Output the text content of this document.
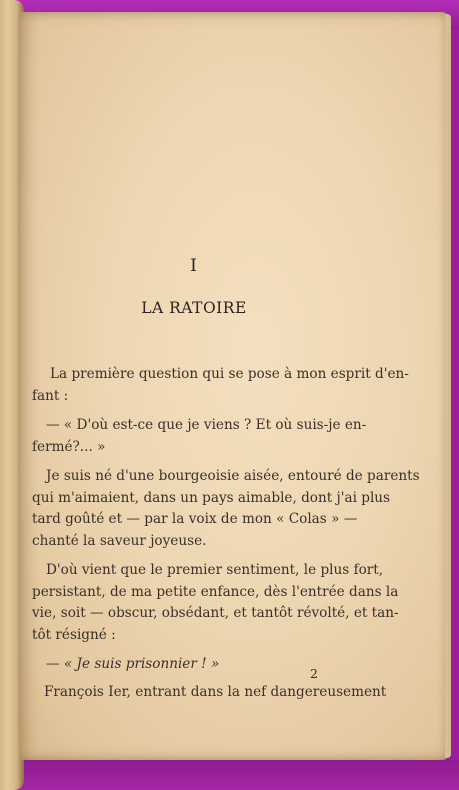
I
LA RATOIRE
La première question qui se pose à mon esprit d'en-
fant :
— « D'où est-ce que je viens ? Et où suis-je en-
fermé?... »
Je suis né d'une bourgeoisie aisée, entouré de parents
qui m'aimaient, dans un pays aimable, dont j'ai plus
tard goûté et — par la voix de mon « Colas » —
chanté la saveur joyeuse.
D'où vient que le premier sentiment, le plus fort,
persistant, de ma petite enfance, dès l'entrée dans la
vie, soit — obscur, obsédant, et tantôt révolté, et tan-
tôt résigné :
— « Je suis prisonnier ! »
François Ier, entrant dans la nef dangereusement
2
